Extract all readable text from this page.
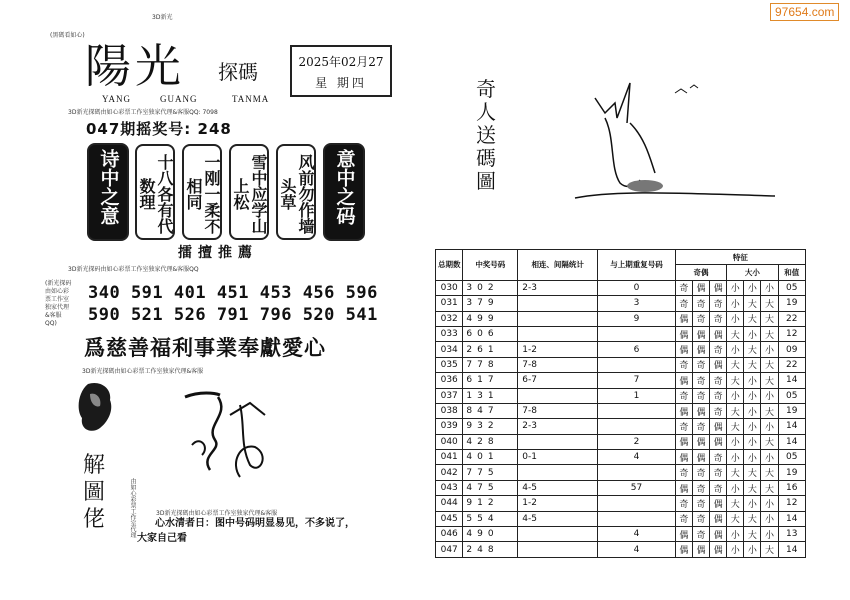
97654.com
(黑碼看如心)
3D新光
陽光 探碼
YANG	GUANG	TANMA
3D新光探碼由如心彩票工作室独家代理&客服QQ: 7098
2025年02月27
星 期四
047期摇奖号: 248
诗中之意	十八各有代数理	一刚一柔不相同	雪中应学山上松	风前勿作墙头草	意中之码
擂擅推薦
3D新光探码由如心彩票工作室独家代理&客服QQ
(新光探码由如心彩票工作室独家代理&客服QQ)
340 591 401 451 453 456 596
590 521 526 791 796 520 541
爲慈善福利事業奉獻愛心
3D新光探碼由如心彩票工作室独家代理&客服
3D新光探碼由如心彩票工作室独家代理&客服
由如心彩票工作室代理
解圖佬	心水清者日：图中号码明显易见，不多说了，
大家自己看
奇人送碼圖
总期数	中奖号码	相连、间隔统计	与上期重复号码	特征						
				奇偶			大小			和值
030	302	2-3	0	奇	偶	偶	小	小	小	05
031	379		3	奇	奇	奇	小	大	大	19
032	499		9	偶	奇	奇	小	大	大	22
033	606			偶	偶	偶	大	小	大	12
034	261	1-2	6	偶	偶	奇	小	大	小	09
035	778	7-8		奇	奇	偶	大	大	大	22
036	617	6-7	7	偶	奇	奇	大	小	大	14
037	131		1	奇	奇	奇	小	小	小	05
038	847	7-8		偶	偶	奇	大	小	大	19
039	932	2-3		奇	奇	偶	大	小	小	14
040	428		2	偶	偶	偶	小	小	大	14
041	401	0-1	4	偶	偶	奇	小	小	小	05
042	775			奇	奇	奇	大	大	大	19
043	475	4-5	57	偶	奇	奇	小	大	大	16
044	912	1-2		奇	奇	偶	大	小	小	12
045	554	4-5		奇	奇	偶	大	大	小	14
046	490		4	偶	奇	偶	小	大	小	13
047	248		4	偶	偶	偶	小	小	大	14
